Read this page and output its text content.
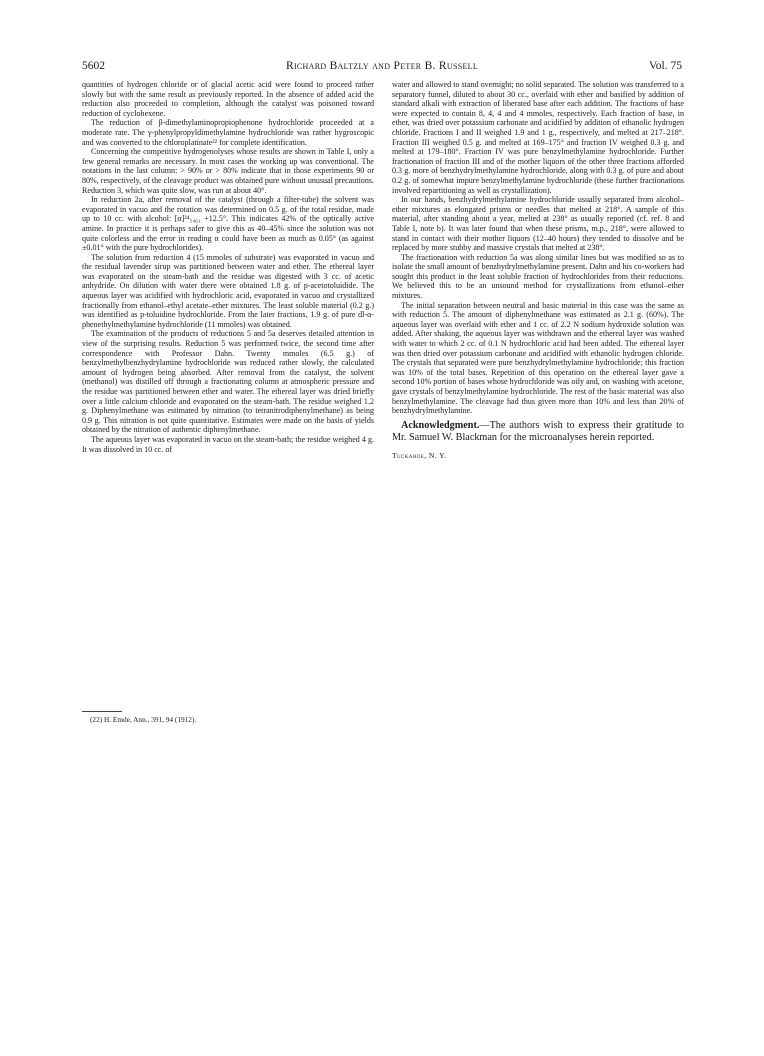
5602	Richard Baltzly and Peter B. Russell	Vol. 75

quantities of hydrogen chloride or of glacial acetic acid were found to proceed rather slowly but with the same result as previously reported. In the absence of added acid the reduction also proceeded to completion, although the catalyst was poisoned toward reduction of cyclohexene.

The reduction of β-dimethylaminopropiophenone hydrochloride proceeded at a moderate rate. The γ-phenylpropyldimethylamine hydrochloride was rather hygroscopic and was converted to the chloroplatinate²² for complete identification.

Concerning the competitive hydrogenolyses whose results are shown in Table I, only a few general remarks are necessary. In most cases the working up was conventional. The notations in the last column: > 90% or > 80% indicate that in those experiments 90 or 80%, respectively, of the cleavage product was obtained pure without unusual precautions. Reduction 3, which was quite slow, was run at about 40°.

In reduction 2a, after removal of the catalyst (through a filter-tube) the solvent was evaporated in vacuo and the rotation was determined on 0.5 g. of the total residue, made up to 10 cc. with alcohol: [α]²⁴₅₄₆₁ +12.5°. This indicates 42% of the optically active amine. In practice it is perhaps safer to give this as 40–45% since the solution was not quite colorless and the error in reading α could have been as much as 0.05° (as against ±0.01° with the pure hydrochlorides).

The solution from reduction 4 (15 mmoles of substrate) was evaporated in vacuo and the residual lavender sirup was partitioned between water and ether. The ethereal layer was evaporated on the steam-bath and the residue was digested with 3 cc. of acetic anhydride. On dilution with water there were obtained 1.8 g. of p-acetotoluidide. The aqueous layer was acidified with hydrochloric acid, evaporated in vacuo and crystallized fractionally from ethanol–ethyl acetate–ether mixtures. The least soluble material (0.2 g.) was identified as p-toluidine hydrochloride. From the later fractions, 1.9 g. of pure dl-α-phenethylmethylamine hydrochloride (11 mmoles) was obtained.

The examination of the products of reductions 5 and 5a deserves detailed attention in view of the surprising results. Reduction 5 was performed twice, the second time after correspondence with Professor Dahn. Twenty mmoles (6.5 g.) of benzylmethylbenzhydrylamine hydrochloride was reduced rather slowly, the calculated amount of hydrogen being absorbed. After removal from the catalyst, the solvent (methanol) was distilled off through a fractionating column at atmospheric pressure and the residue was partitioned between ether and water. The ethereal layer was dried briefly over a little calcium chloride and evaporated on the steam-bath. The residue weighed 1.2 g. Diphenylmethane was estimated by nitration (to tetranitrodiphenylmethane) as being 0.9 g. This nitration is not quite quantitative. Estimates were made on the basis of yields obtained by the nitration of authentic diphenylmethane.

The aqueous layer was evaporated in vacuo on the steam-bath; the residue weighed 4 g. It was dissolved in 10 cc. of

(22) H. Emde, Ann., 391, 94 (1912).

water and allowed to stand overnight; no solid separated. The solution was transferred to a separatory funnel, diluted to about 30 cc., overlaid with ether and basified by addition of standard alkali with extraction of liberated base after each addition. The fractions of base were expected to contain 8, 4, 4 and 4 mmoles, respectively. Each fraction of base, in ether, was dried over potassium carbonate and acidified by addition of ethanolic hydrogen chloride. Fractions I and II weighed 1.9 and 1 g., respectively, and melted at 217–218°. Fraction III weighed 0.5 g. and melted at 169–175° and fraction IV weighed 0.3 g. and melted at 179–180°. Fraction IV was pure benzylmethylamine hydrochloride. Further fractionation of fraction III and of the mother liquors of the other three fractions afforded 0.3 g. more of benzhydrylmethylamine hydrochloride, along with 0.3 g. of pure and about 0.2 g. of somewhat impure benzylmethylamine hydrochloride (these further fractionations involved repartitioning as well as crystallization).

In our hands, benzhydrylmethylamine hydrochloride usually separated from alcohol–ether mixtures as elongated prisms or needles that melted at 218°. A sample of this material, after standing about a year, melted at 238° as usually reported (cf. ref. 8 and Table I, note b). It was later found that when these prisms, m.p., 218°, were allowed to stand in contact with their mother liquors (12–40 hours) they tended to dissolve and be replaced by more stubby and massive crystals that melted at 238°.

The fractionation with reduction 5a was along similar lines but was modified so as to isolate the small amount of benzhydrylmethylamine present. Dahn and his co-workers had sought this product in the least soluble fraction of hydrochlorides from their reductions. We believed this to be an unsound method for crystallizations from ethanol–ether mixtures.

The initial separation between neutral and basic material in this case was the same as with reduction 5. The amount of diphenylmethane was estimated as 2.1 g. (60%). The aqueous layer was overlaid with ether and 1 cc. of 2.2 N sodium hydroxide solution was added. After shaking, the aqueous layer was withdrawn and the ethereal layer was washed with water to which 2 cc. of 0.1 N hydrochloric acid had been added. The ethereal layer was then dried over potassium carbonate and acidified with ethanolic hydrogen chloride. The crystals that separated were pure benzhydrylmethylamine hydrochloride; this fraction was 10% of the total bases. Repetition of this operation on the ethereal layer gave a second 10% portion of bases whose hydrochloride was oily and, on washing with acetone, gave crystals of benzylmethylamine hydrochloride. The rest of the basic material was also benzylmethylamine. The cleavage had thus given more than 10% and less than 20% of benzhydrylmethylamine.

Acknowledgment.—The authors wish to express their gratitude to Mr. Samuel W. Blackman for the microanalyses herein reported.

Tuckahoe, N. Y.
